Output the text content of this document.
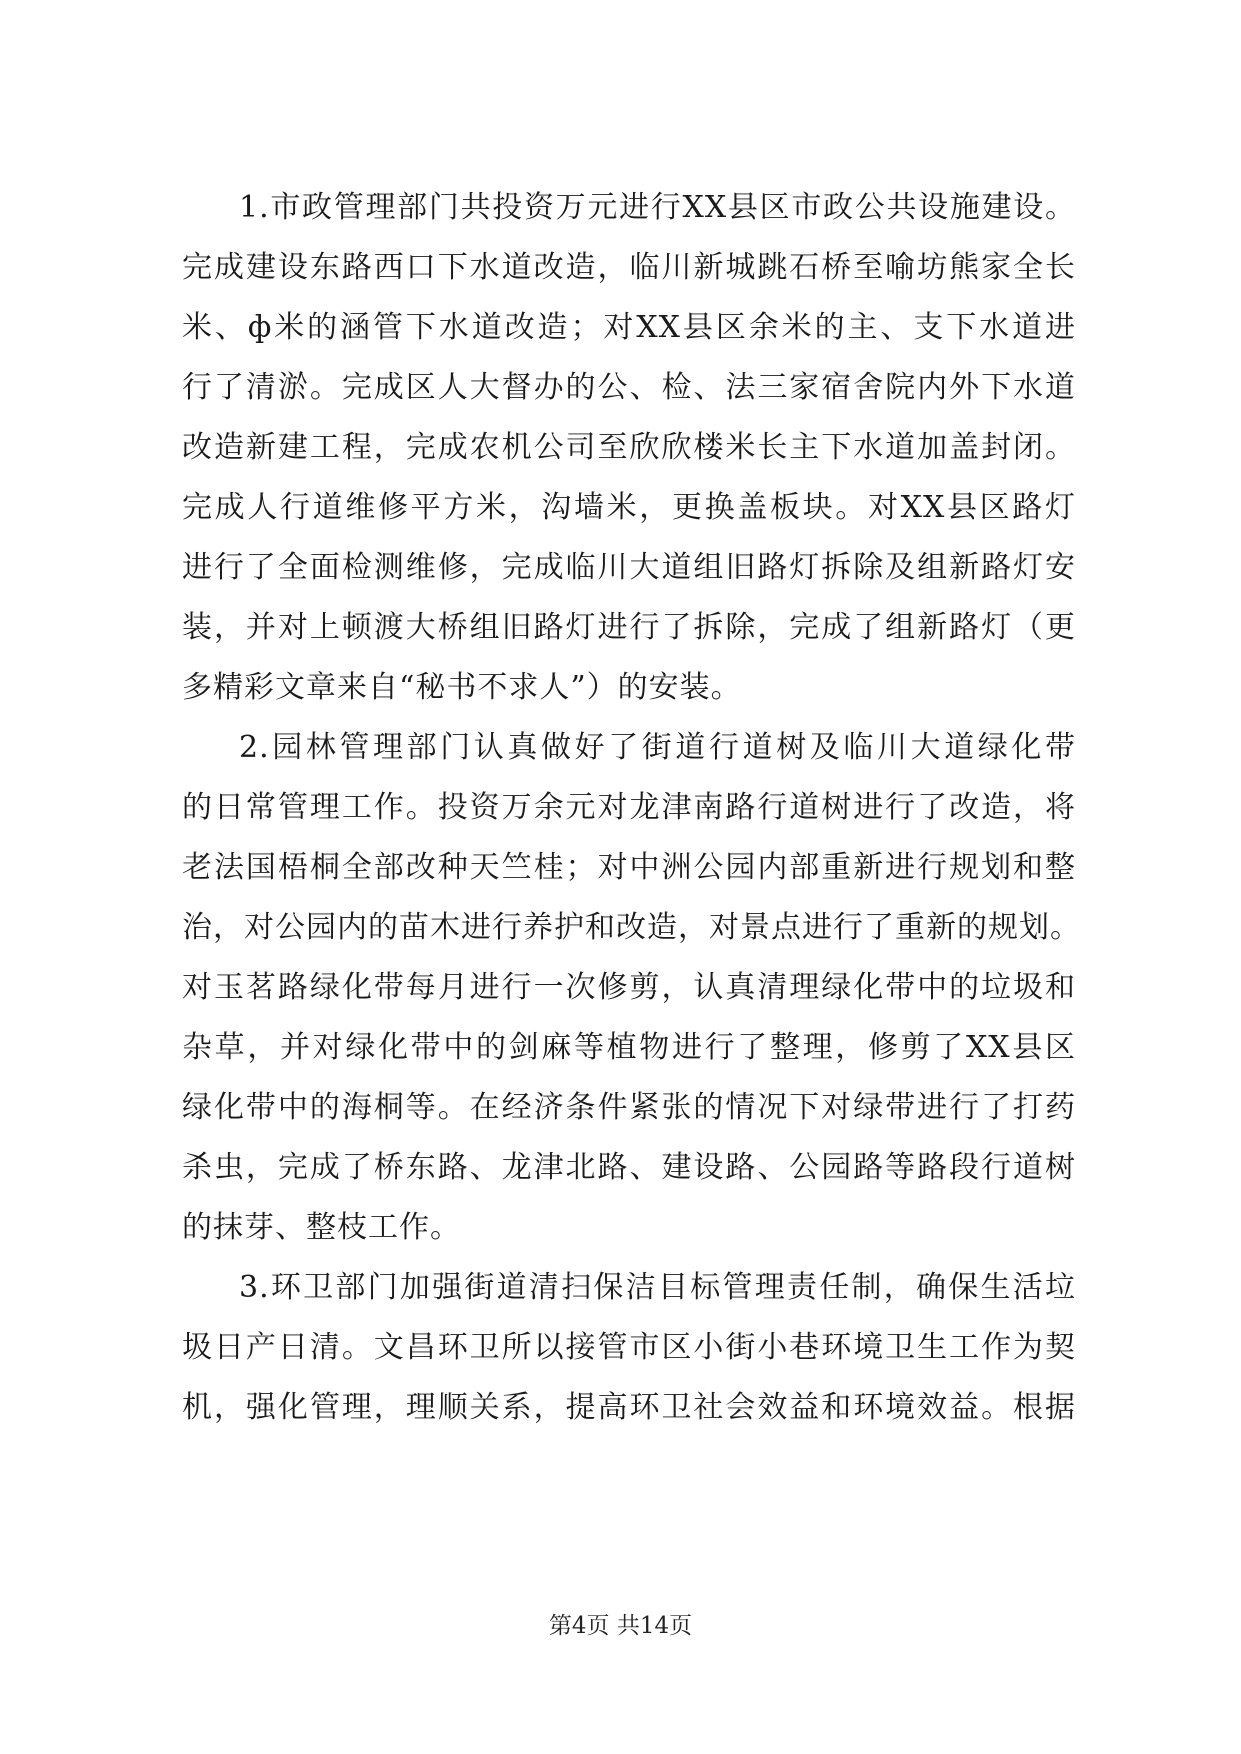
1.市政管理部门共投资万元进行XX县区市政公共设施建设。
完成建设东路西口下水道改造，临川新城跳石桥至喻坊熊家全长
米、ф米的涵管下水道改造；对XX县区余米的主、支下水道进
行了清淤。完成区人大督办的公、检、法三家宿舍院内外下水道
改造新建工程，完成农机公司至欣欣楼米长主下水道加盖封闭。
完成人行道维修平方米，沟墙米，更换盖板块。对XX县区路灯
进行了全面检测维修，完成临川大道组旧路灯拆除及组新路灯安
装，并对上顿渡大桥组旧路灯进行了拆除，完成了组新路灯（更
多精彩文章来自“秘书不求人”）的安装。
2.园林管理部门认真做好了街道行道树及临川大道绿化带
的日常管理工作。投资万余元对龙津南路行道树进行了改造，将
老法国梧桐全部改种天竺桂；对中洲公园内部重新进行规划和整
治，对公园内的苗木进行养护和改造，对景点进行了重新的规划。
对玉茗路绿化带每月进行一次修剪，认真清理绿化带中的垃圾和
杂草，并对绿化带中的剑麻等植物进行了整理，修剪了XX县区
绿化带中的海桐等。在经济条件紧张的情况下对绿带进行了打药
杀虫，完成了桥东路、龙津北路、建设路、公园路等路段行道树
的抹芽、整枝工作。
3.环卫部门加强街道清扫保洁目标管理责任制，确保生活垃
圾日产日清。文昌环卫所以接管市区小街小巷环境卫生工作为契
机，强化管理，理顺关系，提高环卫社会效益和环境效益。根据
第4页 共14页
